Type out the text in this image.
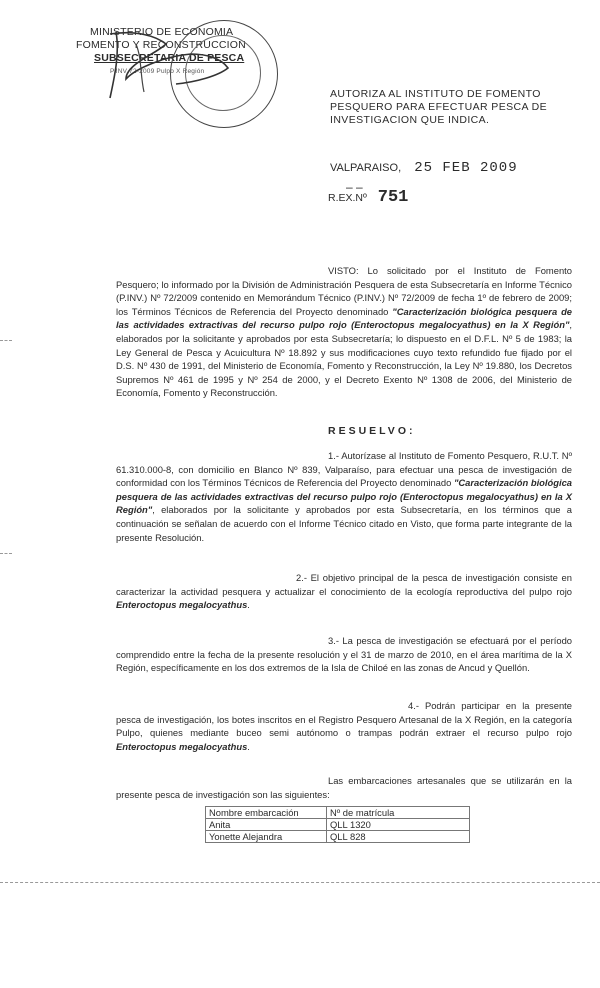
MINISTERIO DE ECONOMIA
FOMENTO Y RECONSTRUCCION
SUBSECRETARIA DE PESCA
P.INV 72-2009 Pulpo X Región
AUTORIZA AL INSTITUTO DE FOMENTO PESQUERO PARA EFECTUAR PESCA DE INVESTIGACION QUE INDICA.
VALPARAISO, 25 FEB 2009
– –
R.EX.Nº 751
VISTO: Lo solicitado por el Instituto de Fomento Pesquero; lo informado por la División de Administración Pesquera de esta Subsecretaría en Informe Técnico (P.INV.) Nº 72/2009 contenido en Memorándum Técnico (P.INV.) Nº 72/2009 de fecha 1º de febrero de 2009; los Términos Técnicos de Referencia del Proyecto denominado "Caracterización biológica pesquera de las actividades extractivas del recurso pulpo rojo (Enteroctopus megalocyathus) en la X Región", elaborados por la solicitante y aprobados por esta Subsecretaría; lo dispuesto en el D.F.L. Nº 5 de 1983; la Ley General de Pesca y Acuicultura Nº 18.892 y sus modificaciones cuyo texto refundido fue fijado por el D.S. Nº 430 de 1991, del Ministerio de Economía, Fomento y Reconstrucción, la Ley Nº 19.880, los Decretos Supremos Nº 461 de 1995 y Nº 254 de 2000, y el Decreto Exento Nº 1308 de 2006, del Ministerio de Economía, Fomento y Reconstrucción.
RESUELVO:
1.- Autorízase al Instituto de Fomento Pesquero, R.U.T. Nº 61.310.000-8, con domicilio en Blanco Nº 839, Valparaíso, para efectuar una pesca de investigación de conformidad con los Términos Técnicos de Referencia del Proyecto denominado "Caracterización biológica pesquera de las actividades extractivas del recurso pulpo rojo (Enteroctopus megalocyathus) en la X Región", elaborados por la solicitante y aprobados por esta Subsecretaría, en los términos que a continuación se señalan de acuerdo con el Informe Técnico citado en Visto, que forma parte integrante de la presente Resolución.
2.- El objetivo principal de la pesca de investigación consiste en caracterizar la actividad pesquera y actualizar el conocimiento de la ecología reproductiva del pulpo rojo Enteroctopus megalocyathus.
3.- La pesca de investigación se efectuará por el período comprendido entre la fecha de la presente resolución y el 31 de marzo de 2010, en el área marítima de la X Región, específicamente en los dos extremos de la Isla de Chiloé en las zonas de Ancud y Quellón.
4.- Podrán participar en la presente pesca de investigación, los botes inscritos en el Registro Pesquero Artesanal de la X Región, en la categoría Pulpo, quienes mediante buceo semi autónomo o trampas podrán extraer el recurso pulpo rojo Enteroctopus megalocyathus.
Las embarcaciones artesanales que se utilizarán en la presente pesca de investigación son las siguientes:
Nombre embarcación	Nº de matrícula
Anita	QLL 1320
Yonette Alejandra	QLL 828
